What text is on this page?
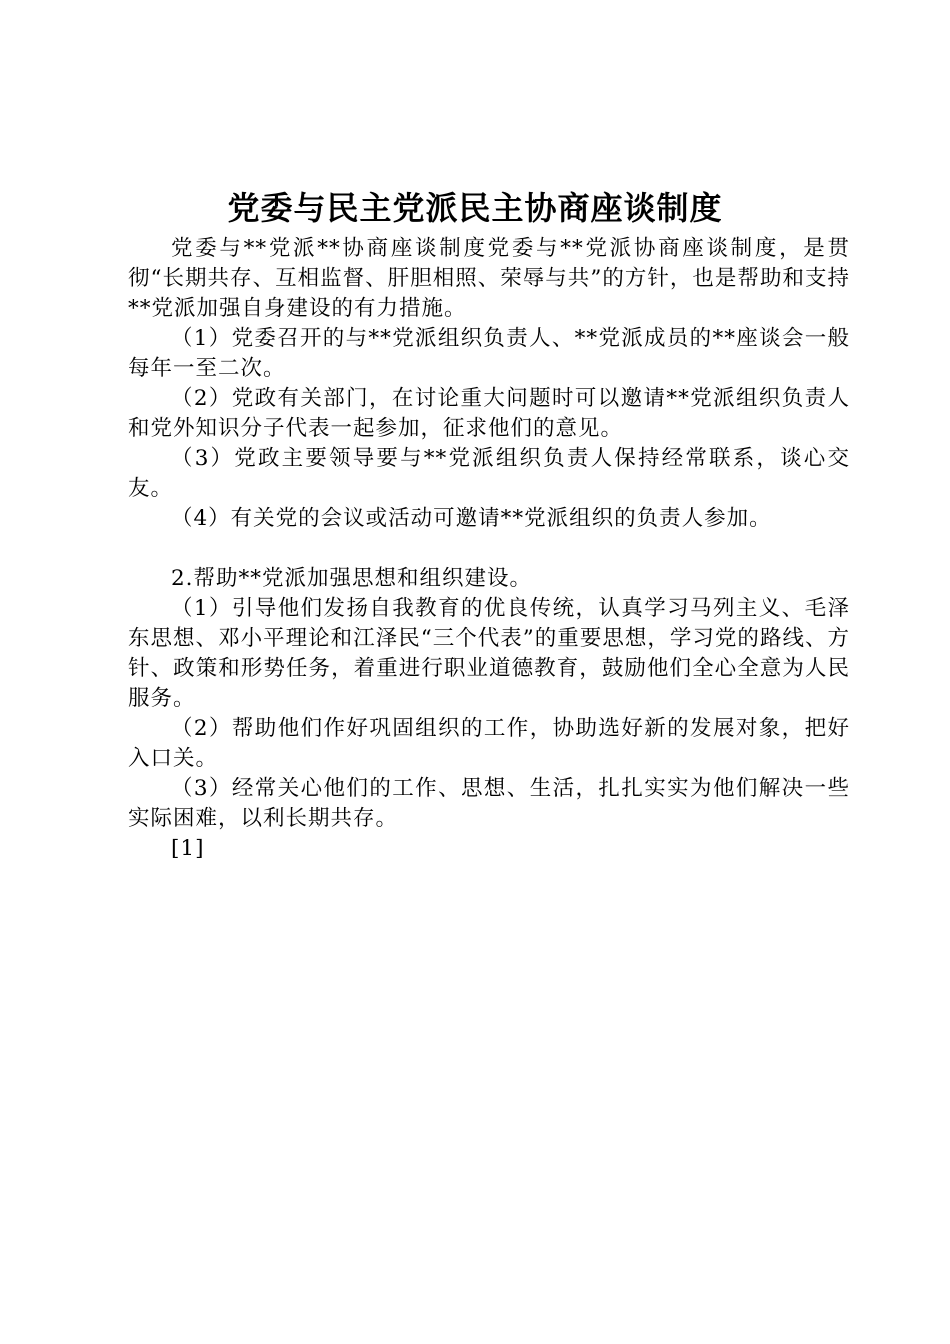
党委与民主党派民主协商座谈制度

党委与**党派**协商座谈制度党委与**党派协商座谈制度，是贯彻“长期共存、互相监督、肝胆相照、荣辱与共”的方针，也是帮助和支持**党派加强自身建设的有力措施。

（1）党委召开的与**党派组织负责人、**党派成员的**座谈会一般每年一至二次。

（2）党政有关部门，在讨论重大问题时可以邀请**党派组织负责人和党外知识分子代表一起参加，征求他们的意见。

（3）党政主要领导要与**党派组织负责人保持经常联系，谈心交友。

（4）有关党的会议或活动可邀请**党派组织的负责人参加。

2.帮助**党派加强思想和组织建设。

（1）引导他们发扬自我教育的优良传统，认真学习马列主义、毛泽东思想、邓小平理论和江泽民“三个代表”的重要思想，学习党的路线、方针、政策和形势任务，着重进行职业道德教育，鼓励他们全心全意为人民服务。

（2）帮助他们作好巩固组织的工作，协助选好新的发展对象，把好入口关。

（3）经常关心他们的工作、思想、生活，扎扎实实为他们解决一些实际困难，以利长期共存。

[1]
